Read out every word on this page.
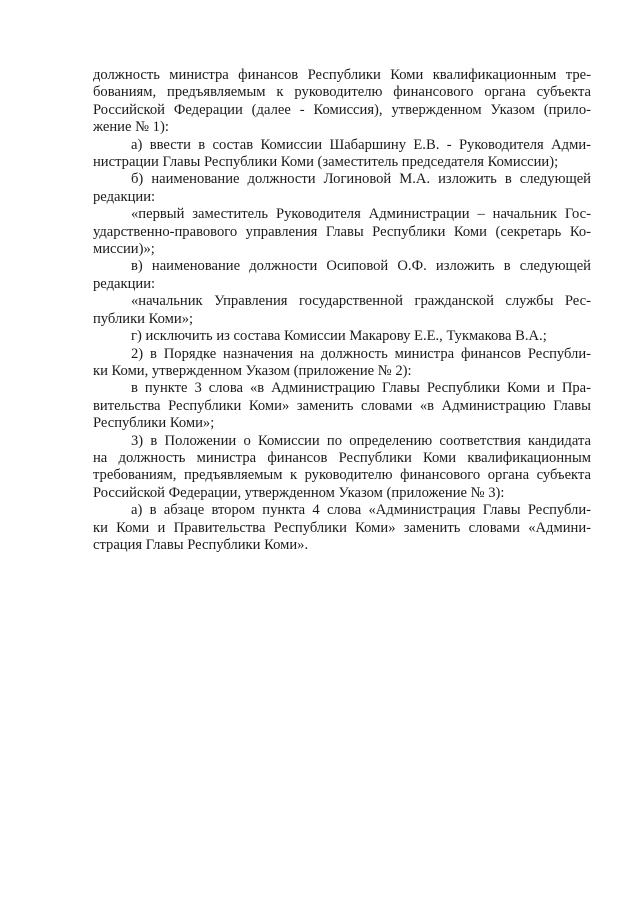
должность министра финансов Республики Коми квалификационным тре-
бованиям, предъявляемым к руководителю финансового органа субъекта
Российской Федерации (далее - Комиссия), утвержденном Указом (прило-
жение № 1):
а) ввести в состав Комиссии Шабаршину Е.В. - Руководителя Адми-
нистрации Главы Республики Коми (заместитель председателя Комиссии);
б) наименование должности Логиновой М.А. изложить в следующей
редакции:
«первый заместитель Руководителя Администрации – начальник Гос-
ударственно-правового управления Главы Республики Коми (секретарь Ко-
миссии)»;
в) наименование должности Осиповой О.Ф. изложить в следующей
редакции:
«начальник Управления государственной гражданской службы Рес-
публики Коми»;
г) исключить из состава Комиссии Макарову Е.Е., Тукмакова В.А.;
2) в Порядке назначения на должность министра финансов Республи-
ки Коми, утвержденном Указом (приложение № 2):
в пункте 3 слова «в Администрацию Главы Республики Коми и Пра-
вительства Республики Коми» заменить словами «в Администрацию Главы
Республики Коми»;
3) в Положении о Комиссии по определению соответствия кандидата
на должность министра финансов Республики Коми квалификационным
требованиям, предъявляемым к руководителю финансового органа субъекта
Российской Федерации, утвержденном Указом (приложение № 3):
а) в абзаце втором пункта 4 слова «Администрация Главы Республи-
ки Коми и Правительства Республики Коми» заменить словами «Админи-
страция Главы Республики Коми».
